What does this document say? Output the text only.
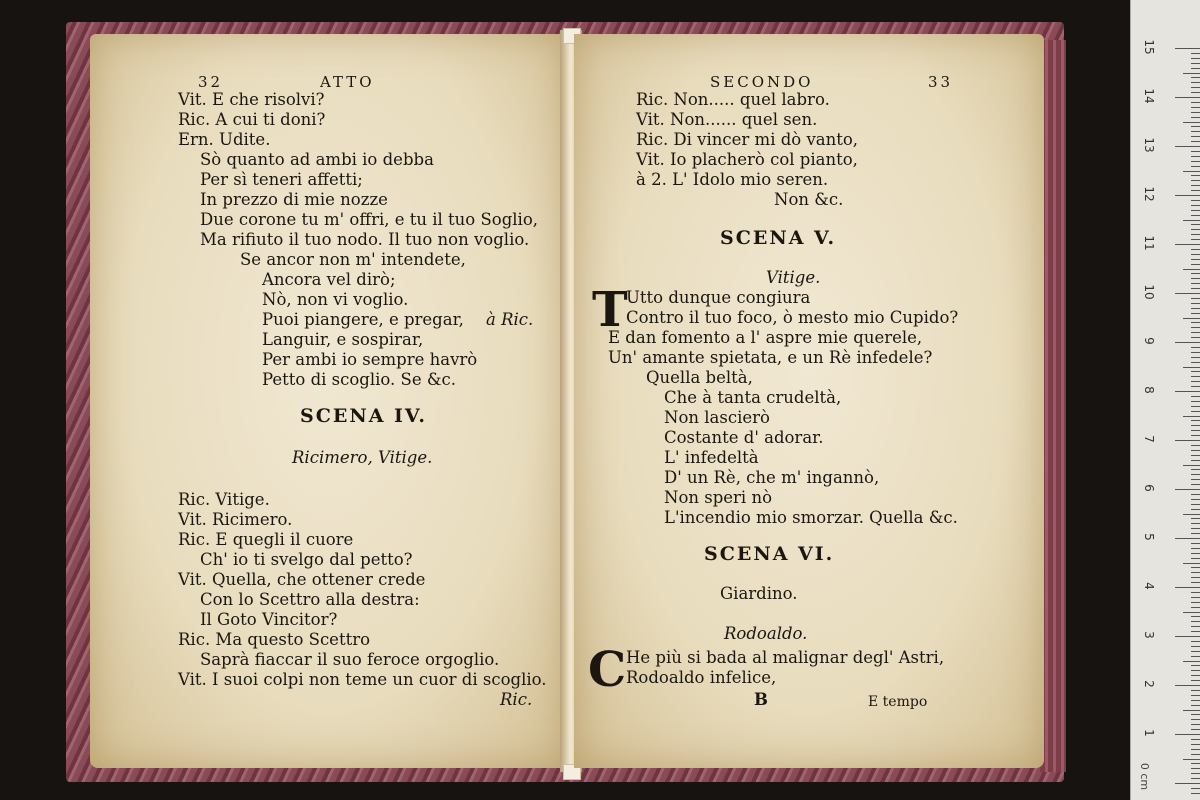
32	ATTO
Vit. E che risolvi?
Ric. A cui ti doni?
Ern. Udite.
Sò quanto ad ambi io debba
Per sì teneri affetti;
In prezzo di mie nozze
Due corone tu m' offri, e tu il tuo Soglio,
Ma rifiuto il tuo nodo. Il tuo non voglio.
Se ancor non m' intendete,
Ancora vel dirò;
Nò, non vi voglio.
Puoi piangere, e pregar, à Ric.
Languir, e sospirar,
Per ambi io sempre havrò
Petto di scoglio. Se &c.
SCENA IV.
Ricimero, Vitige.
Ric. Vitige.
Vit. Ricimero.
Ric. E quegli il cuore
Ch' io ti svelgo dal petto?
Vit. Quella, che ottener crede
Con lo Scettro alla destra:
Il Goto Vincitor?
Ric. Ma questo Scettro
Saprà fiaccar il suo feroce orgoglio.
Vit. I suoi colpi non teme un cuor di scoglio.
Ric.
SECONDO	33
Ric. Non..... quel labro.
Vit. Non...... quel sen.
Ric. Di vincer mi dò vanto,
Vit. Io placherò col pianto,
à 2. L' Idolo mio seren.
Non &c.
SCENA V.
Vitige.
T
Utto dunque congiura
Contro il tuo foco, ò mesto mio Cupido?
E dan fomento a l' aspre mie querele,
Un' amante spietata, e un Rè infedele?
Quella beltà,
Che à tanta crudeltà,
Non lascierò
Costante d' adorar.
L' infedeltà
D' un Rè, che m' ingannò,
Non speri nò
L'incendio mio smorzar. Quella &c.
SCENA VI.
Giardino.
Rodoaldo.
C He più si bada al malignar degl' Astri,
Rodoaldo infelice,
B	E tempo
15
14
13
12
11
10
9
8
7
6
5
4
3
2
1
0 cm
